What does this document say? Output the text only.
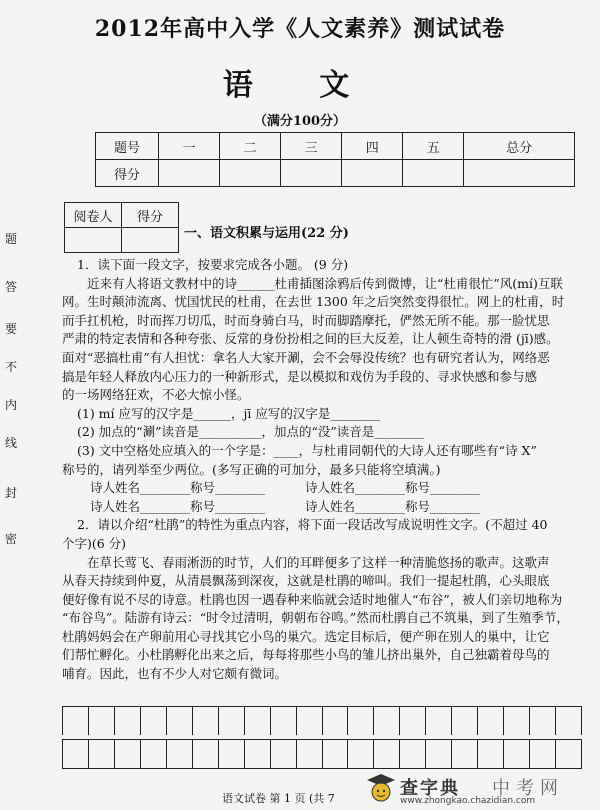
2012年高中入学《人文素养》测试试卷
语 文
（满分100分）
题号	一	二	三	四	五	总分
得分						
阅卷人	得分

一、语文积累与运用(22 分)
题
答
要
不
内
线
封
密

1．读下面一段文字，按要求完成各小题。 (9 分)

近来有人将语文教材中的诗______杜甫插图涂鸦后传到微博，让“杜甫很忙”风(mí)互联

网。生时颠沛流离、忧国忧民的杜甫，在去世 1300 年之后突然变得很忙。网上的杜甫，时

而手扛机枪，时而挥刀切瓜，时而身骑白马，时而脚踏摩托，俨然无所不能。那一脸忧思

严肃的特定表情和各种夸张、反常的身份扮相之间的巨大反差，让人顿生奇特的滑 (jī)感。

面对“恶搞杜甫”有人担忧：拿名人大家开涮，会不会辱没传统？也有研究者认为，网络恶

搞是年轻人释放内心压力的一种新形式，是以模拟和戏仿为手段的、寻求快感和参与感

的一场网络狂欢，不必大惊小怪。

(1) mí 应写的汉字是______，jī 应写的汉字是________

(2) 加点的“涮”读音是__________，加点的“没”读音是________

(3) 文中空格处应填入的一个字是：____，与杜甫同朝代的大诗人还有哪些有“诗 X”

称号的，请列举至少两位。(多写正确的可加分，最多只能将空填满。)

诗人姓名________称号________	诗人姓名________称号________
诗人姓名________称号________	诗人姓名________称号________

2．请以介绍“杜鹃”的特性为重点内容，将下面一段话改写成说明性文字。(不超过 40

个字)(6 分)

在草长莺飞、春雨淅沥的时节，人们的耳畔便多了这样一种清脆悠扬的歌声。这歌声

从春天持续到仲夏，从清晨飘荡到深夜，这就是杜鹃的啼叫。我们一提起杜鹃，心头眼底

便好像有说不尽的诗意。杜鹃也因一遇春种来临就会适时地催人“布谷”，被人们亲切地称为

“布谷鸟”。陆游有诗云：“时令过清明，朝朝布谷鸣。”然而杜鹃自己不筑巢，到了生殖季节，

杜鹃妈妈会在产卵前用心寻找其它小鸟的巢穴。选定目标后，便产卵在别人的巢中，让它

们帮忙孵化。小杜鹃孵化出来之后，每每将那些小鸟的雏儿挤出巢外，自己独霸着母鸟的

哺育。因此，也有不少人对它颇有微词。

语文试卷 第 1 页 (共 7	查字典 中考网
www.zhongkao.chazidian.com
